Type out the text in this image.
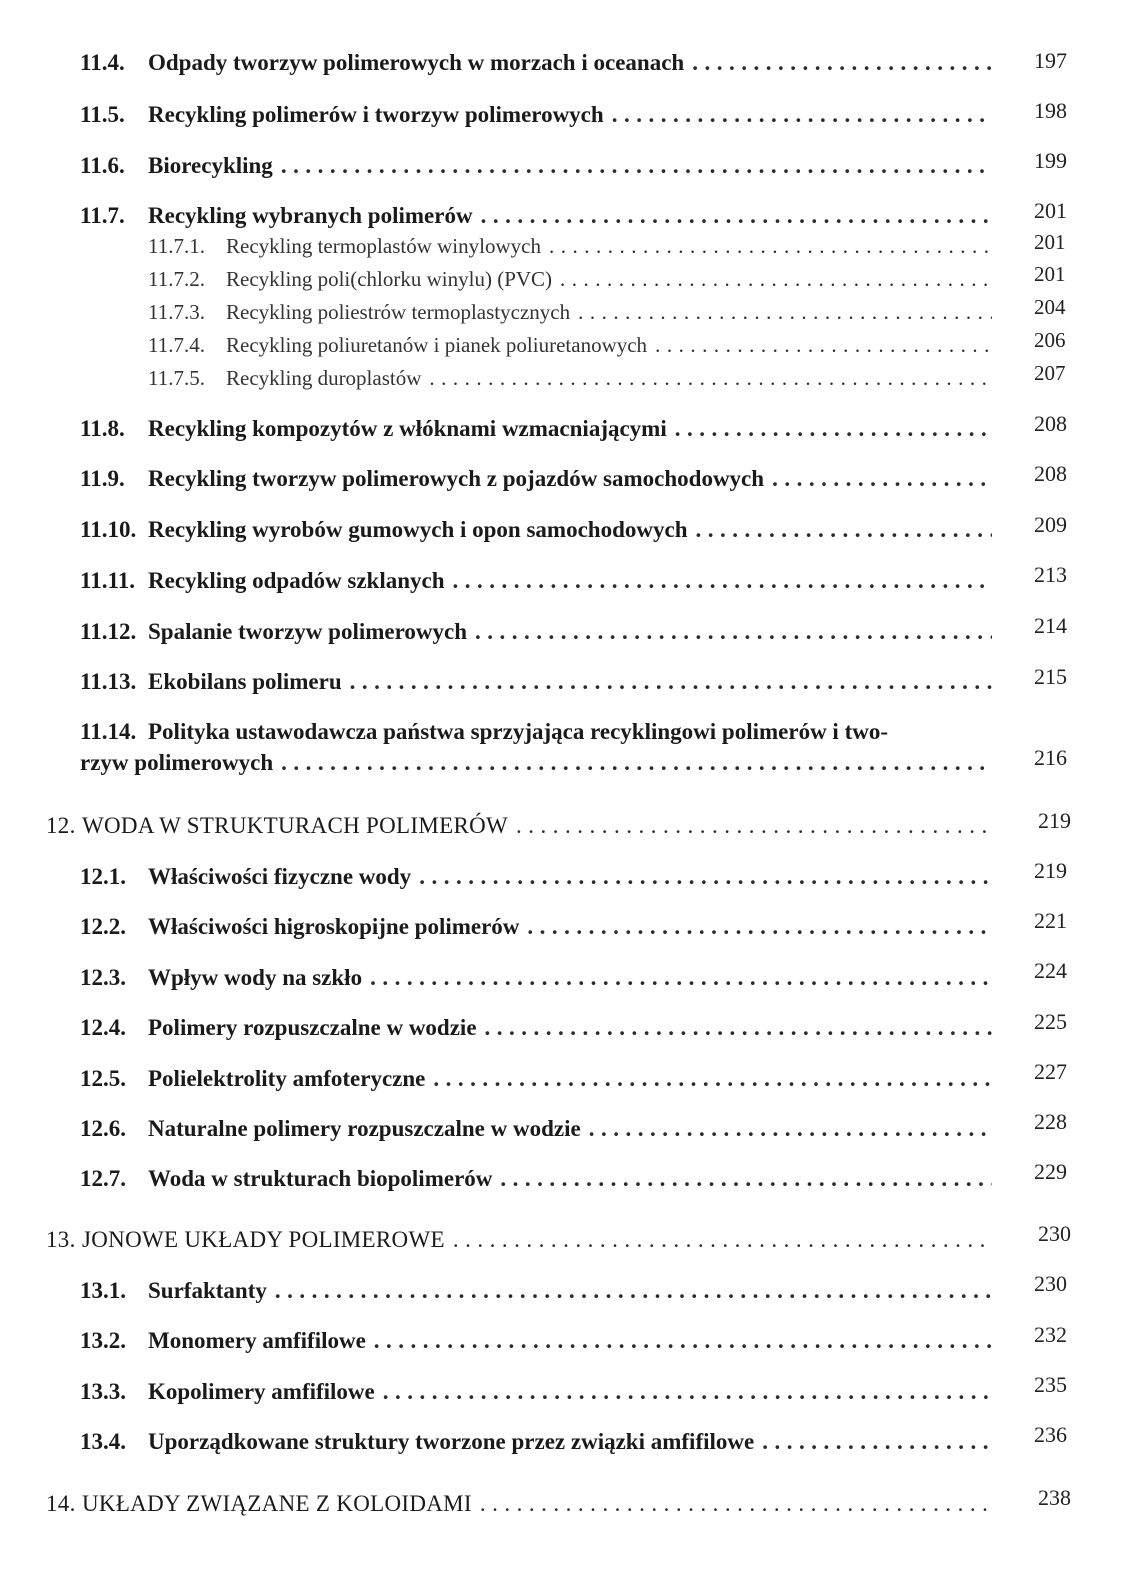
11.4.	Odpady tworzyw polimerowych w morzach i oceanach .....	197
11.5.	Recykling polimerów i tworzyw polimerowych .....	198
11.6.	Biorecykling .....	199
11.7.	Recykling wybranych polimerów .....	201
11.7.1.	Recykling termoplastów winylowych .....	201
11.7.2.	Recykling poli(chlorku winylu) (PVC) .....	201
11.7.3.	Recykling poliestrów termoplastycznych .....	204
11.7.4.	Recykling poliuretanów i pianek poliuretanowych .....	206
11.7.5.	Recykling duroplastów .....	207
11.8.	Recykling kompozytów z włóknami wzmacniającymi .....	208
11.9.	Recykling tworzyw polimerowych z pojazdów samochodowych .....	208
11.10. Recykling wyrobów gumowych i opon samochodowych .....	209
11.11. Recykling odpadów szklanych .....	213
11.12. Spalanie tworzyw polimerowych .....	214
11.13. Ekobilans polimeru .....	215
11.14. Polityka ustawodawcza państwa sprzyjająca recyklingowi polimerów i two-
rzyw polimerowych .....	216
12. WODA W STRUKTURACH POLIMERÓW .....	219
12.1. Właściwości fizyczne wody .....	219
12.2. Właściwości higroskopijne polimerów .....	221
12.3. Wpływ wody na szkło .....	224
12.4. Polimery rozpuszczalne w wodzie .....	225
12.5. Polielektrolity amfoteryczne .....	227
12.6. Naturalne polimery rozpuszczalne w wodzie .....	228
12.7. Woda w strukturach biopolimerów .....	229
13. JONOWE UKŁADY POLIMEROWE .....	230
13.1. Surfaktanty .....	230
13.2. Monomery amfifilowe .....	232
13.3. Kopolimery amfifilowe .....	235
13.4. Uporządkowane struktury tworzone przez związki amfifilowe .....	236
14. UKŁADY ZWIĄZANE Z KOLOIDAMI .....	238
